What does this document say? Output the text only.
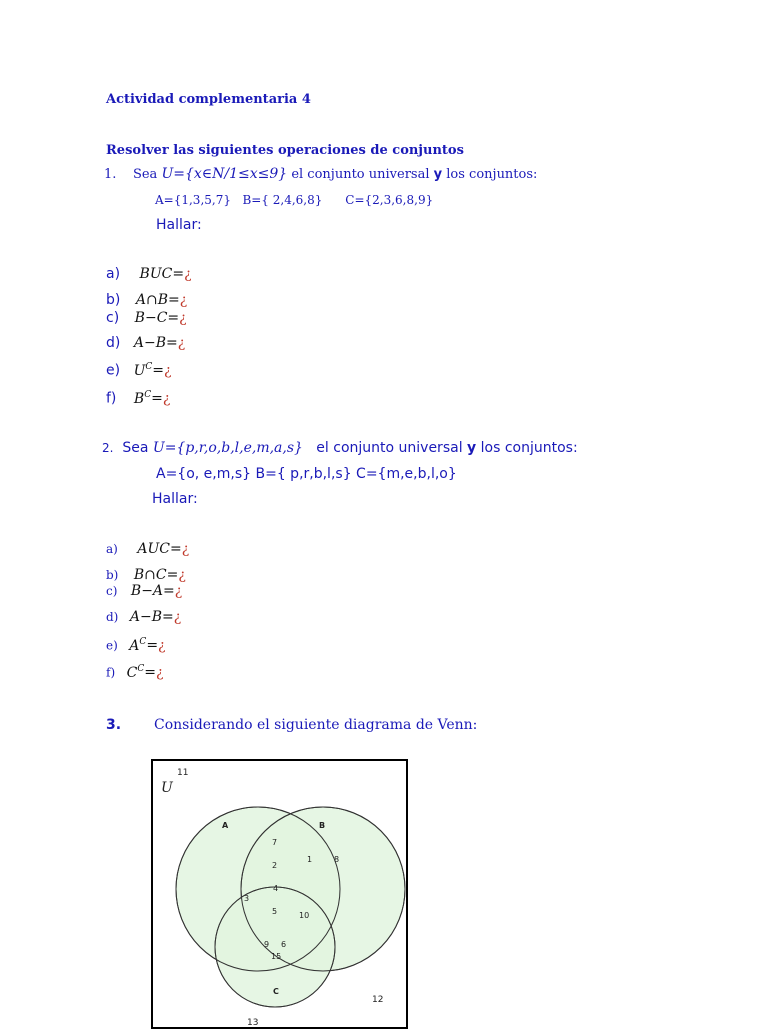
Actividad complementaria 4
Resolver las siguientes operaciones de conjuntos
1. Sea U={x∈N/1≤x≤9} el conjunto universal y los conjuntos:
A={1,3,5,7} B={ 2,4,6,8} C={2,3,6,8,9}
Hallar:
a) BUC=¿
b) A∩B=¿
c) B−C=¿
d) A−B=¿
e) $U^C=¿$
f) $B^C=¿$
2. Sea U={p,r,o,b,l,e,m,a,s} el conjunto universal y los conjuntos:
A={o, e,m,s} B={ p,r,b,l,s} C={m,e,b,l,o}
Hallar:
a) AUC=¿
b) B∩C=¿
c) B−A=¿
d) A−B=¿
e) $A^C=¿$
f) $C^C=¿$
3. Considerando el siguiente diagrama de Venn:
11
U
A	B
C
7
2
1	8
4
3
5	10
9 6
15
12
13
